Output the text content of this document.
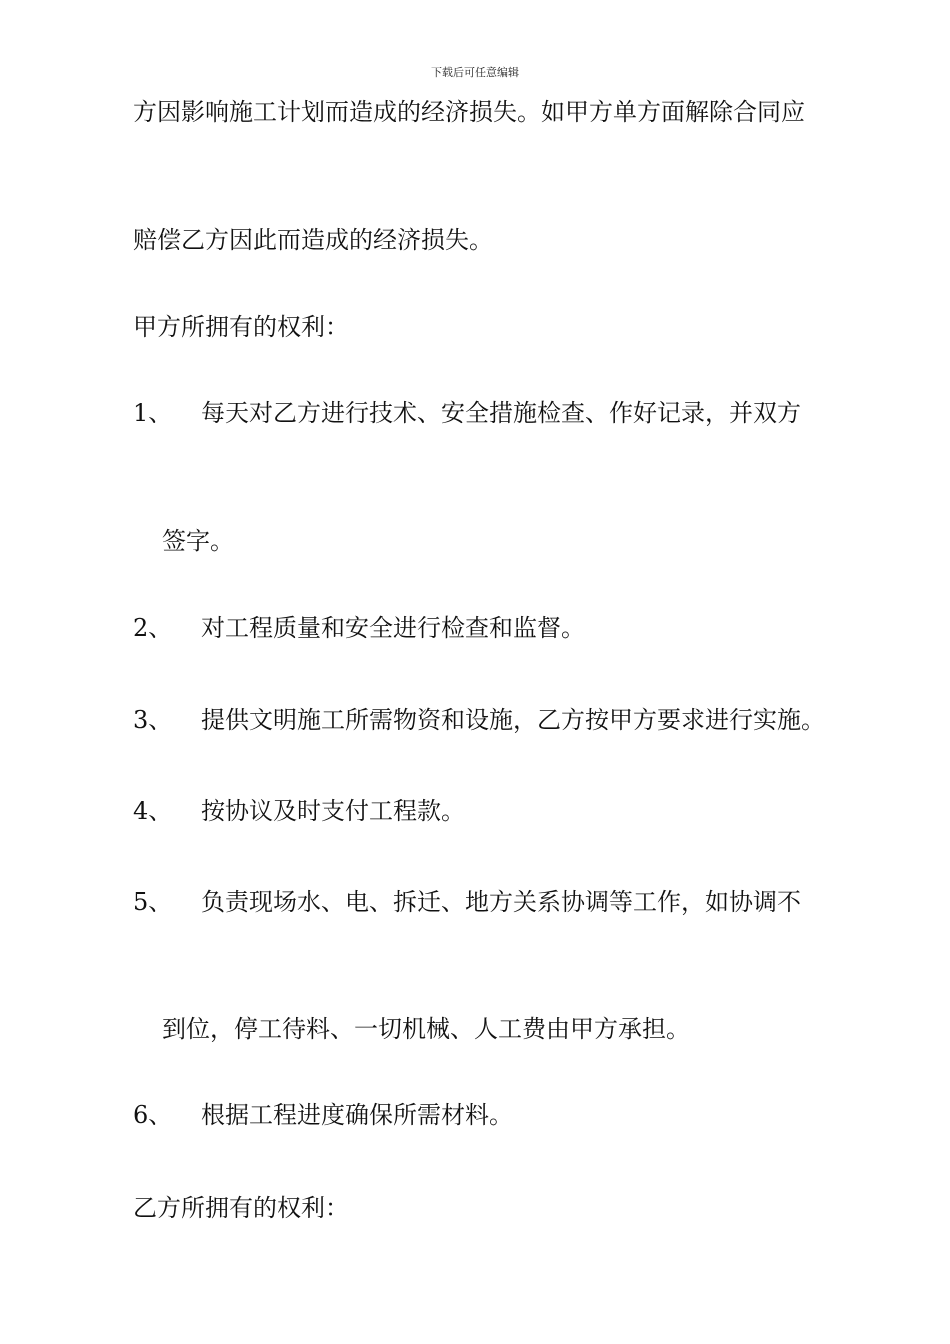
下载后可任意编辑
方因影响施工计划而造成的经济损失。如甲方单方面解除合同应
赔偿乙方因此而造成的经济损失。
甲方所拥有的权利：
1、 每天对乙方进行技术、安全措施检查、作好记录，并双方
签字。
2、 对工程质量和安全进行检查和监督。
3、 提供文明施工所需物资和设施，乙方按甲方要求进行实施。
4、 按协议及时支付工程款。
5、 负责现场水、电、拆迁、地方关系协调等工作，如协调不
到位，停工待料、一切机械、人工费由甲方承担。
6、 根据工程进度确保所需材料。
乙方所拥有的权利：
